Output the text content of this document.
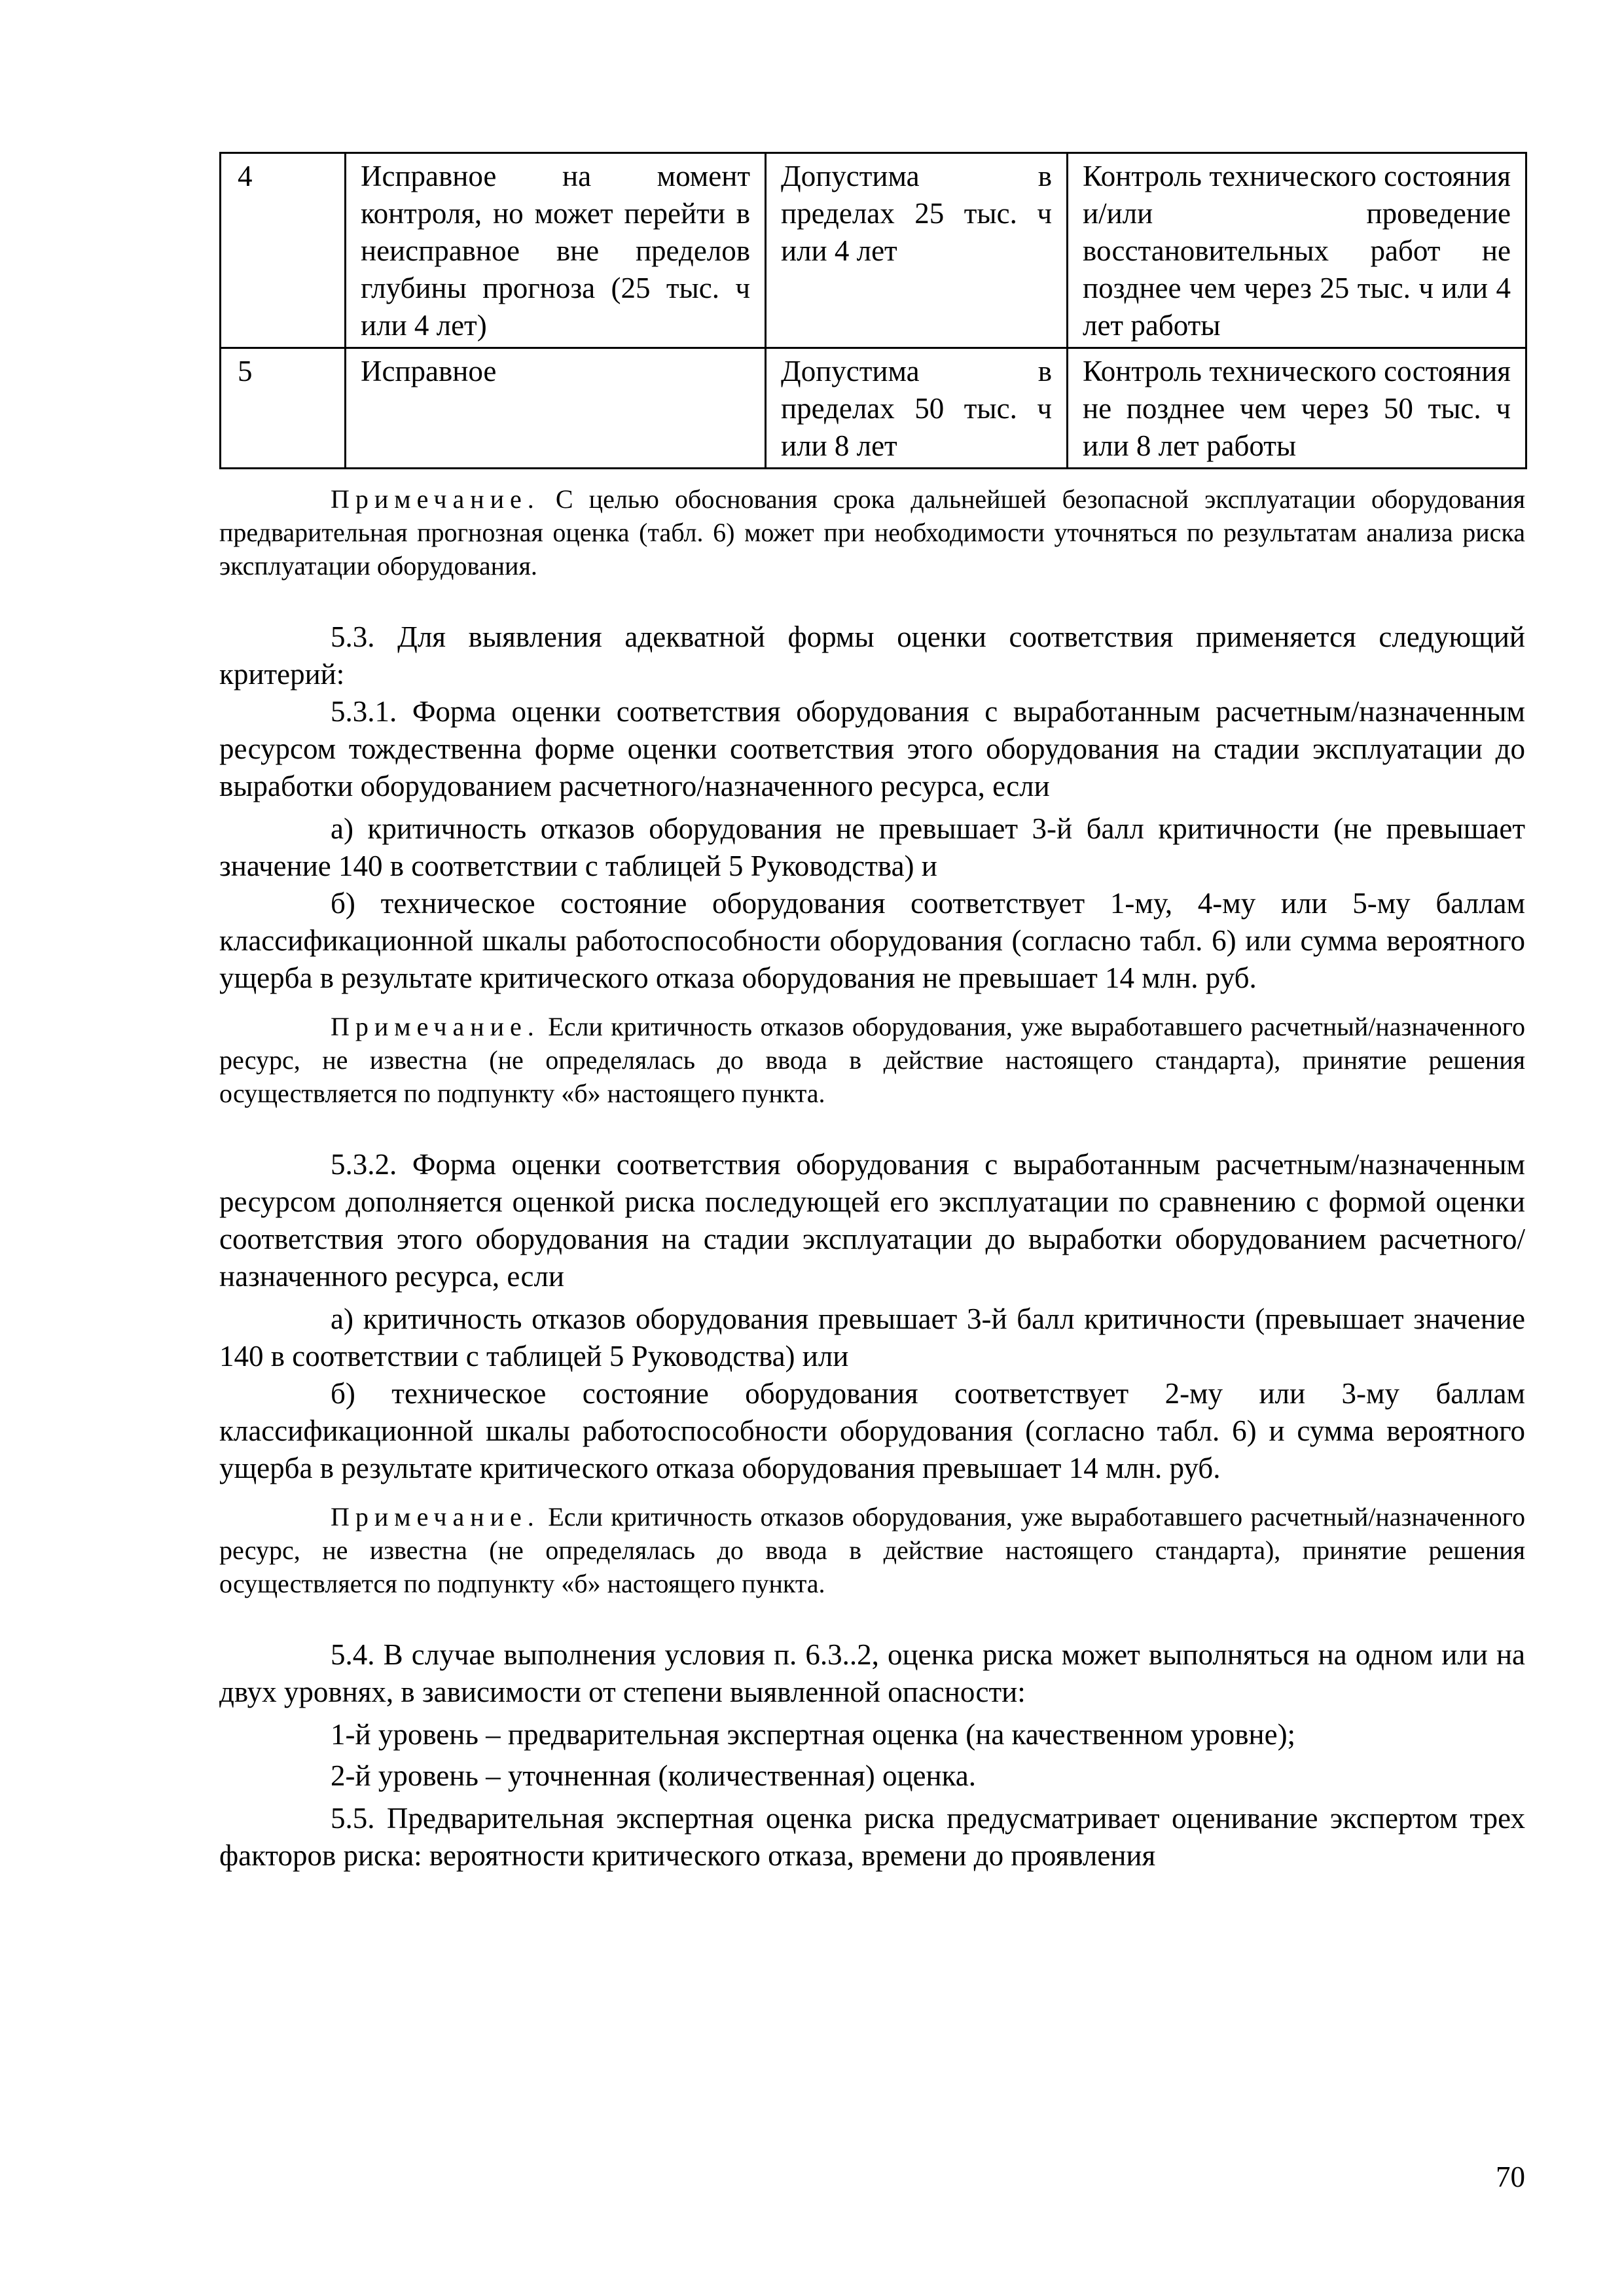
4	Исправное на момент контроля, но может перейти в неисправное вне пределов глубины прогноза (25 тыс. ч или 4 лет)	Допустима в пределах 25 тыс. ч или 4 лет	Контроль технического состояния и/или проведение восстановительных работ не позднее чем через 25 тыс. ч или 4 лет работы
5	Исправное	Допустима в пределах 50 тыс. ч или 8 лет	Контроль технического состояния не позднее чем через 50 тыс. ч или 8 лет работы

Примечание. С целью обоснования срока дальнейшей безопасной эксплуатации оборудования предварительная прогнозная оценка (табл. 6) может при необходимости уточняться по результатам анализа риска эксплуатации оборудования.

5.3. Для выявления адекватной формы оценки соответствия применяется следующий критерий:

5.3.1. Форма оценки соответствия оборудования с выработанным расчетным/назначенным ресурсом тождественна форме оценки соответствия этого оборудования на стадии эксплуатации до выработки оборудованием расчетного/назначенного ресурса, если

а) критичность отказов оборудования не превышает 3-й балл критичности (не превышает значение 140 в соответствии с таблицей 5 Руководства) и

б) техническое состояние оборудования соответствует 1-му, 4-му или 5-му баллам классификационной шкалы работоспособности оборудования (согласно табл. 6) или сумма вероятного ущерба в результате критического отказа оборудования не превышает 14 млн. руб.

Примечание. Если критичность отказов оборудования, уже выработавшего расчетный/назначенного ресурс, не известна (не определялась до ввода в действие настоящего стандарта), принятие решения осуществляется по подпункту «б» настоящего пункта.

5.3.2. Форма оценки соответствия оборудования с выработанным расчетным/назначенным ресурсом дополняется оценкой риска последующей его эксплуатации по сравнению с формой оценки соответствия этого оборудования на стадии эксплуатации до выработки оборудованием расчетного/назначенного ресурса, если

а) критичность отказов оборудования превышает 3-й балл критичности (превышает значение 140 в соответствии с таблицей 5 Руководства) или

б) техническое состояние оборудования соответствует 2-му или 3-му баллам классификационной шкалы работоспособности оборудования (согласно табл. 6) и сумма вероятного ущерба в результате критического отказа оборудования превышает 14 млн. руб.

Примечание. Если критичность отказов оборудования, уже выработавшего расчетный/назначенного ресурс, не известна (не определялась до ввода в действие настоящего стандарта), принятие решения осуществляется по подпункту «б» настоящего пункта.

5.4. В случае выполнения условия п. 6.3..2, оценка риска может выполняться на одном или на двух уровнях, в зависимости от степени выявленной опасности:

1-й уровень – предварительная экспертная оценка (на качественном уровне);

2-й уровень – уточненная (количественная) оценка.

5.5. Предварительная экспертная оценка риска предусматривает оценивание экспертом трех факторов риска: вероятности критического отказа, времени до проявления

70
